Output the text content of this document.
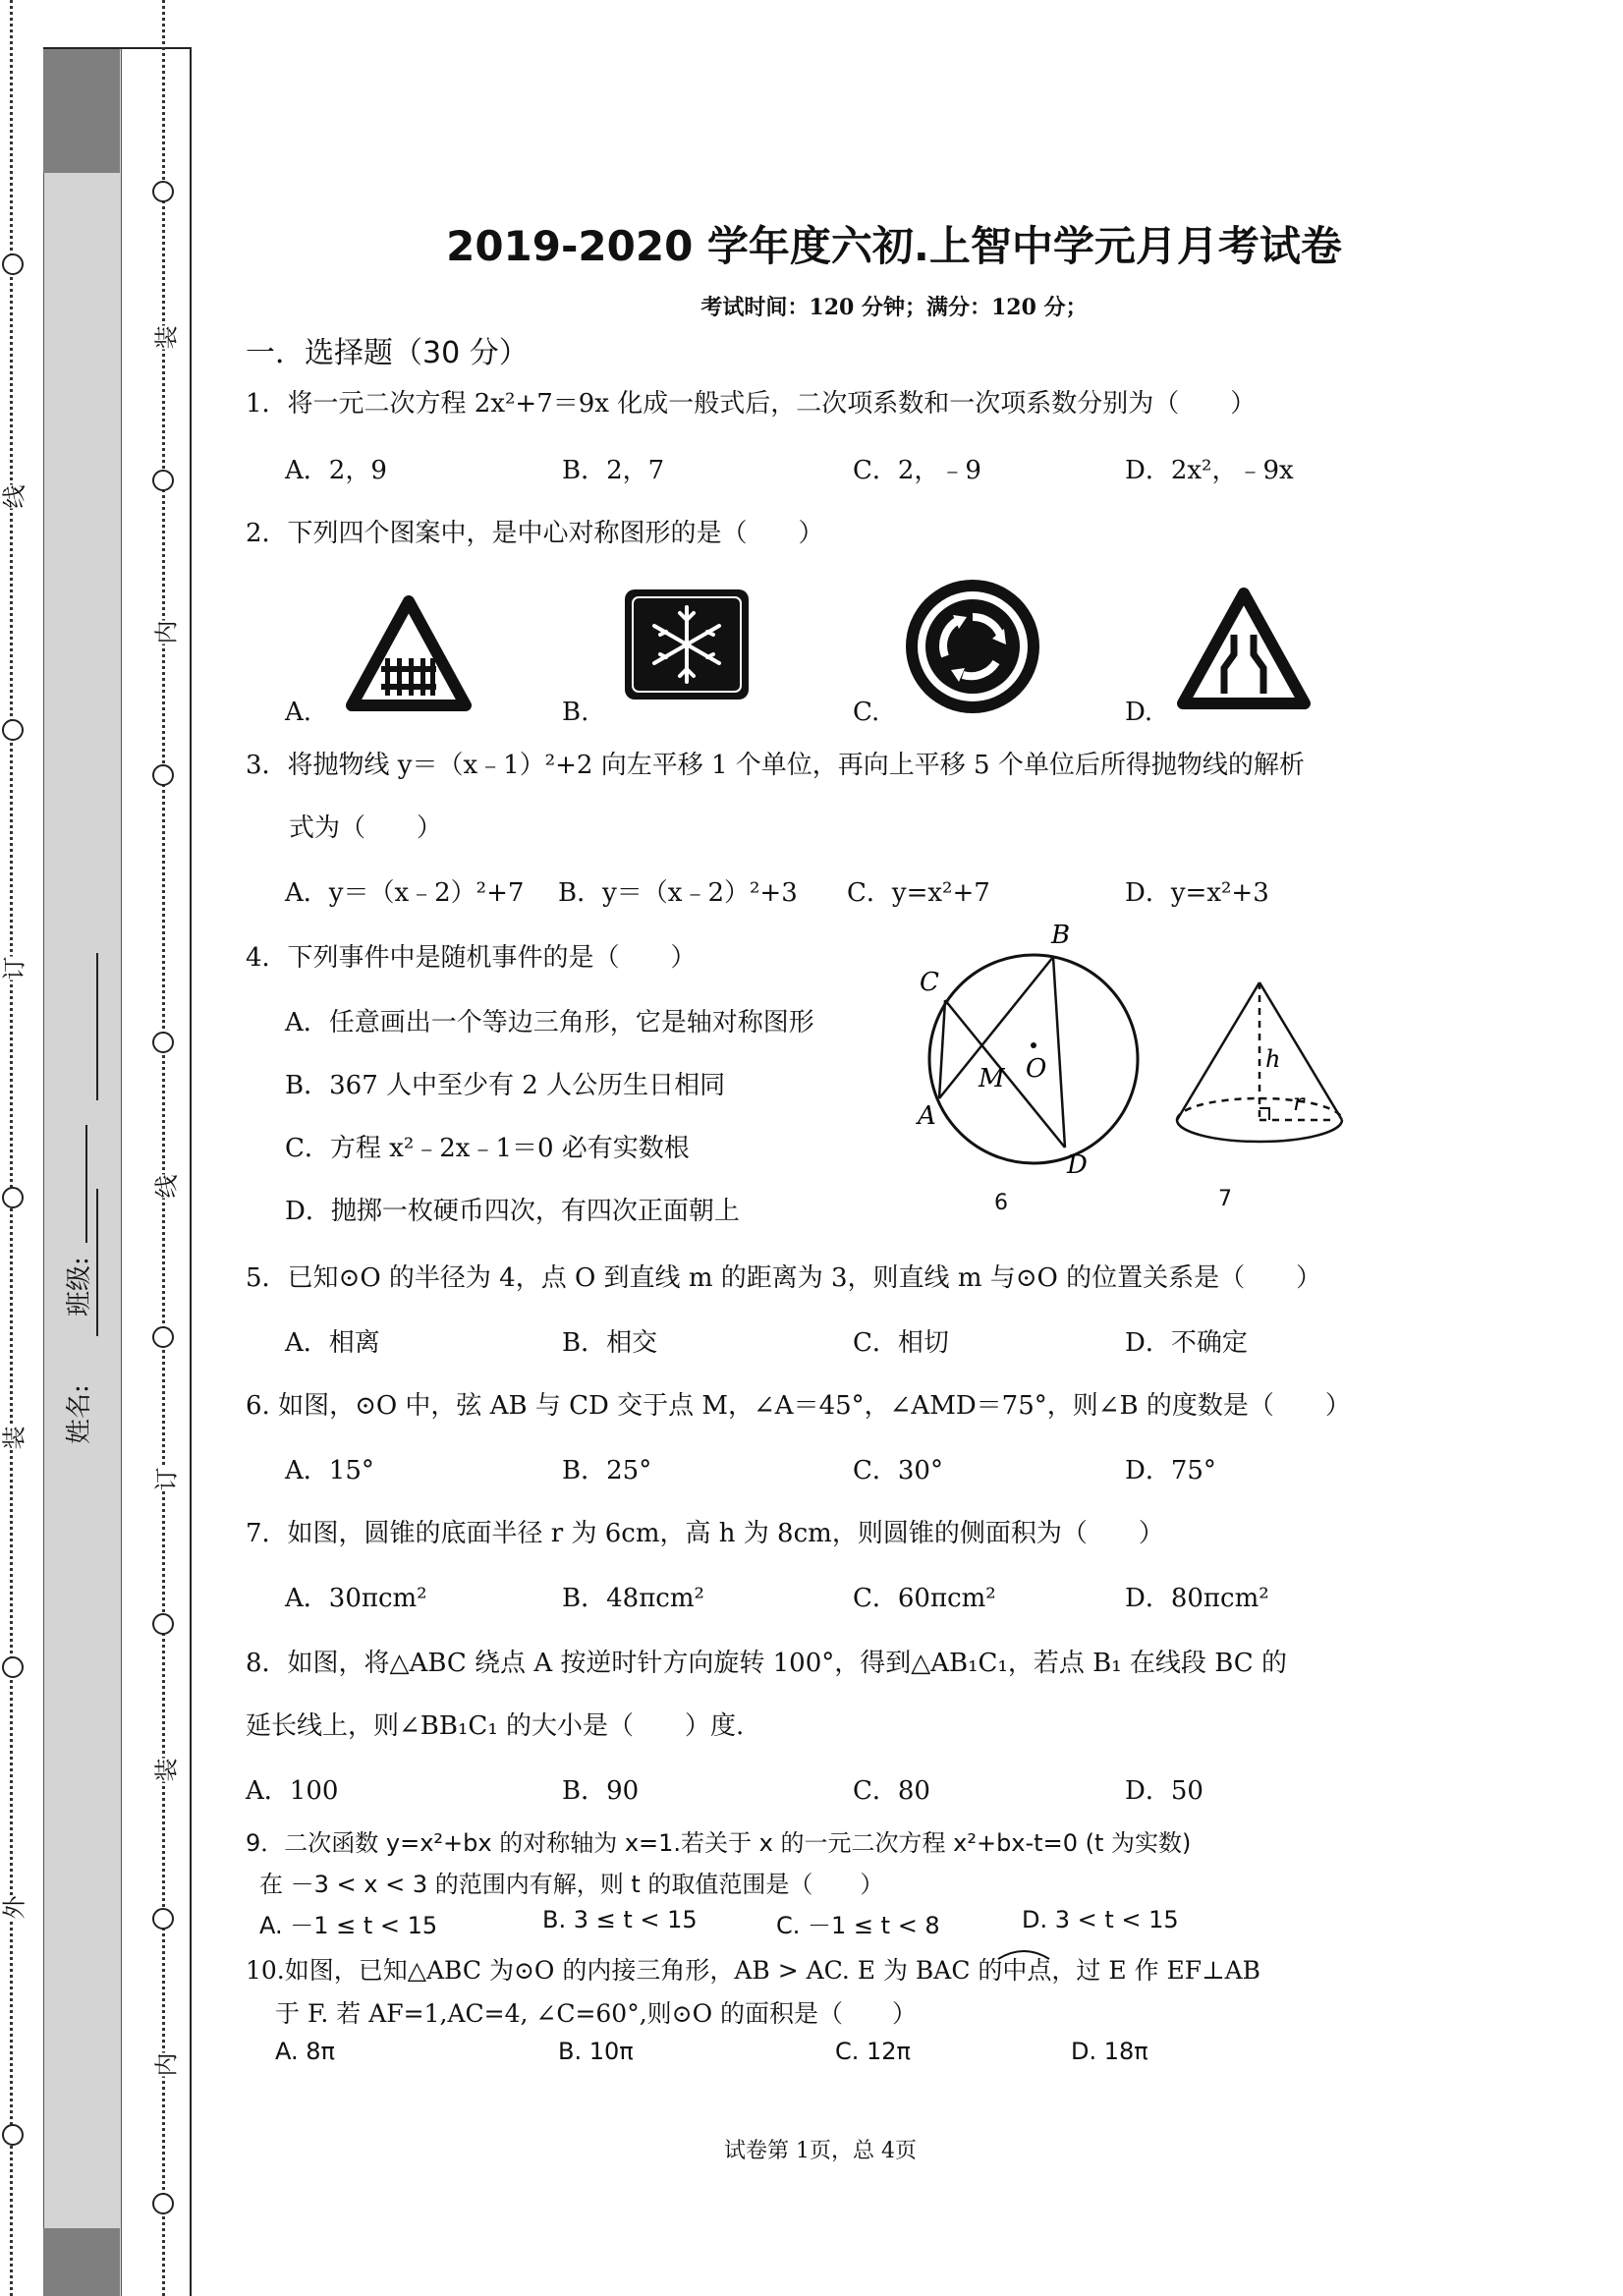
线
订
装
外
班级:
姓名:
装
内
线
订
装
内
2019-2020 学年度六初.上智中学元月月考试卷
考试时间：120 分钟；满分：120 分；
一．选择题（30 分）
1．将一元二次方程 2x²+7＝9x 化成一般式后，二次项系数和一次项系数分别为（　　）
A．2，9	B．2，7	C．2，﹣9	D．2x²，﹣9x
2．下列四个图案中，是中心对称图形的是（　　）
A.	B.	C.	D.
3．将抛物线 y＝（x﹣1）²+2 向左平移 1 个单位，再向上平移 5 个单位后所得抛物线的解析
式为（　　）
A．y＝（x﹣2）²+7 B．y＝（x﹣2）²+3 C．y=x²+7	D．y=x²+3
4．下列事件中是随机事件的是（　　）
A．任意画出一个等边三角形，它是轴对称图形
B．367 人中至少有 2 人公历生日相同
C．方程 x²﹣2x﹣1＝0 必有实数根
D．抛掷一枚硬币四次，有四次正面朝上
B
C
A
M O
D
6
h
r
7
5．已知⊙O 的半径为 4，点 O 到直线 m 的距离为 3，则直线 m 与⊙O 的位置关系是（　　）
A．相离	B．相交	C．相切	D．不确定
6. 如图，⊙O 中，弦 AB 与 CD 交于点 M，∠A＝45°，∠AMD＝75°，则∠B 的度数是（　　）
A．15°	B．25°	C．30°	D．75°
7．如图，圆锥的底面半径 r 为 6cm，高 h 为 8cm，则圆锥的侧面积为（　　）
A．30πcm²	B．48πcm²	C．60πcm²	D．80πcm²
8．如图，将△ABC 绕点 A 按逆时针方向旋转 100°，得到△AB₁C₁，若点 B₁ 在线段 BC 的
延长线上，则∠BB₁C₁ 的大小是（　　）度.
A．100	B．90	C．80	D．50
9．二次函数 y=x²+bx 的对称轴为 x=1.若关于 x 的一元二次方程 x²+bx-t=0 (t 为实数)
在 －3 < x < 3 的范围内有解，则 t 的取值范围是（　　）
A. －1 ≤ t < 15	B. 3 ≤ t < 15	C. －1 ≤ t < 8	D. 3 < t < 15
10.如图，已知△ABC 为⊙O 的内接三角形，AB > AC. E 为 BAC 的中点，过 E 作 EF⊥AB
于 F. 若 AF=1,AC=4, ∠C=60°,则⊙O 的面积是（　　）
A. 8π	B. 10π	C. 12π	D. 18π
试卷第 1页，总 4页
